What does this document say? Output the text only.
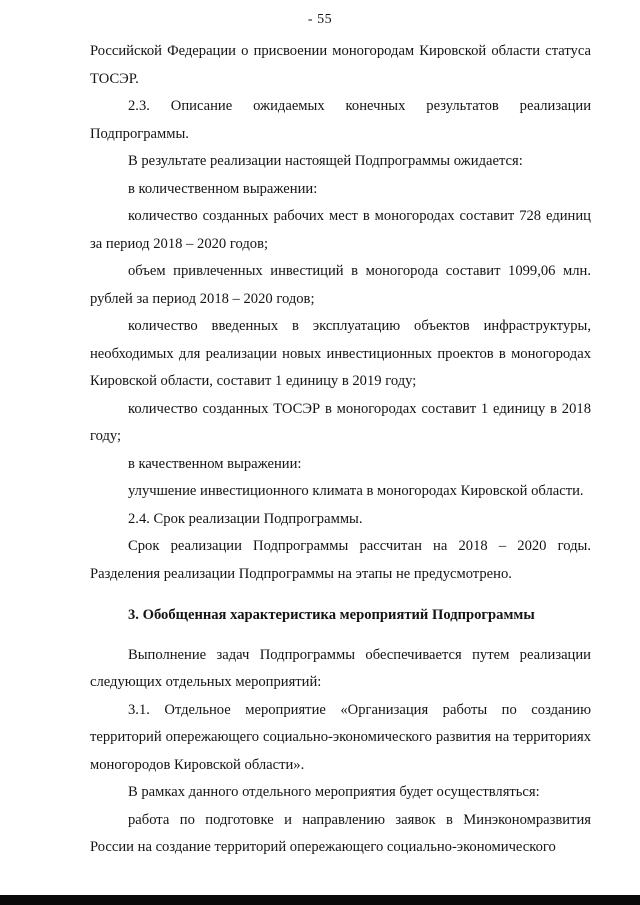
- 55

Российской Федерации о присвоении моногородам Кировской области статуса ТОСЭР.

2.3. Описание ожидаемых конечных результатов реализации Подпрограммы.

В результате реализации настоящей Подпрограммы ожидается:

в количественном выражении:

количество созданных рабочих мест в моногородах составит 728 единиц за период 2018 – 2020 годов;

объем привлеченных инвестиций в моногорода составит 1099,06 млн. рублей за период 2018 – 2020 годов;

количество введенных в эксплуатацию объектов инфраструктуры, необходимых для реализации новых инвестиционных проектов в моногородах Кировской области, составит 1 единицу в 2019 году;

количество созданных ТОСЭР в моногородах составит 1 единицу в 2018 году;

в качественном выражении:

улучшение инвестиционного климата в моногородах Кировской области.

2.4. Срок реализации Подпрограммы.

Срок реализации Подпрограммы рассчитан на 2018 – 2020 годы. Разделения реализации Подпрограммы на этапы не предусмотрено.

3. Обобщенная характеристика мероприятий Подпрограммы

Выполнение задач Подпрограммы обеспечивается путем реализации следующих отдельных мероприятий:

3.1. Отдельное мероприятие «Организация работы по созданию территорий опережающего социально-экономического развития на территориях моногородов Кировской области».

В рамках данного отдельного мероприятия будет осуществляться:

работа по подготовке и направлению заявок в Минэкономразвития России на создание территорий опережающего социально-экономического
